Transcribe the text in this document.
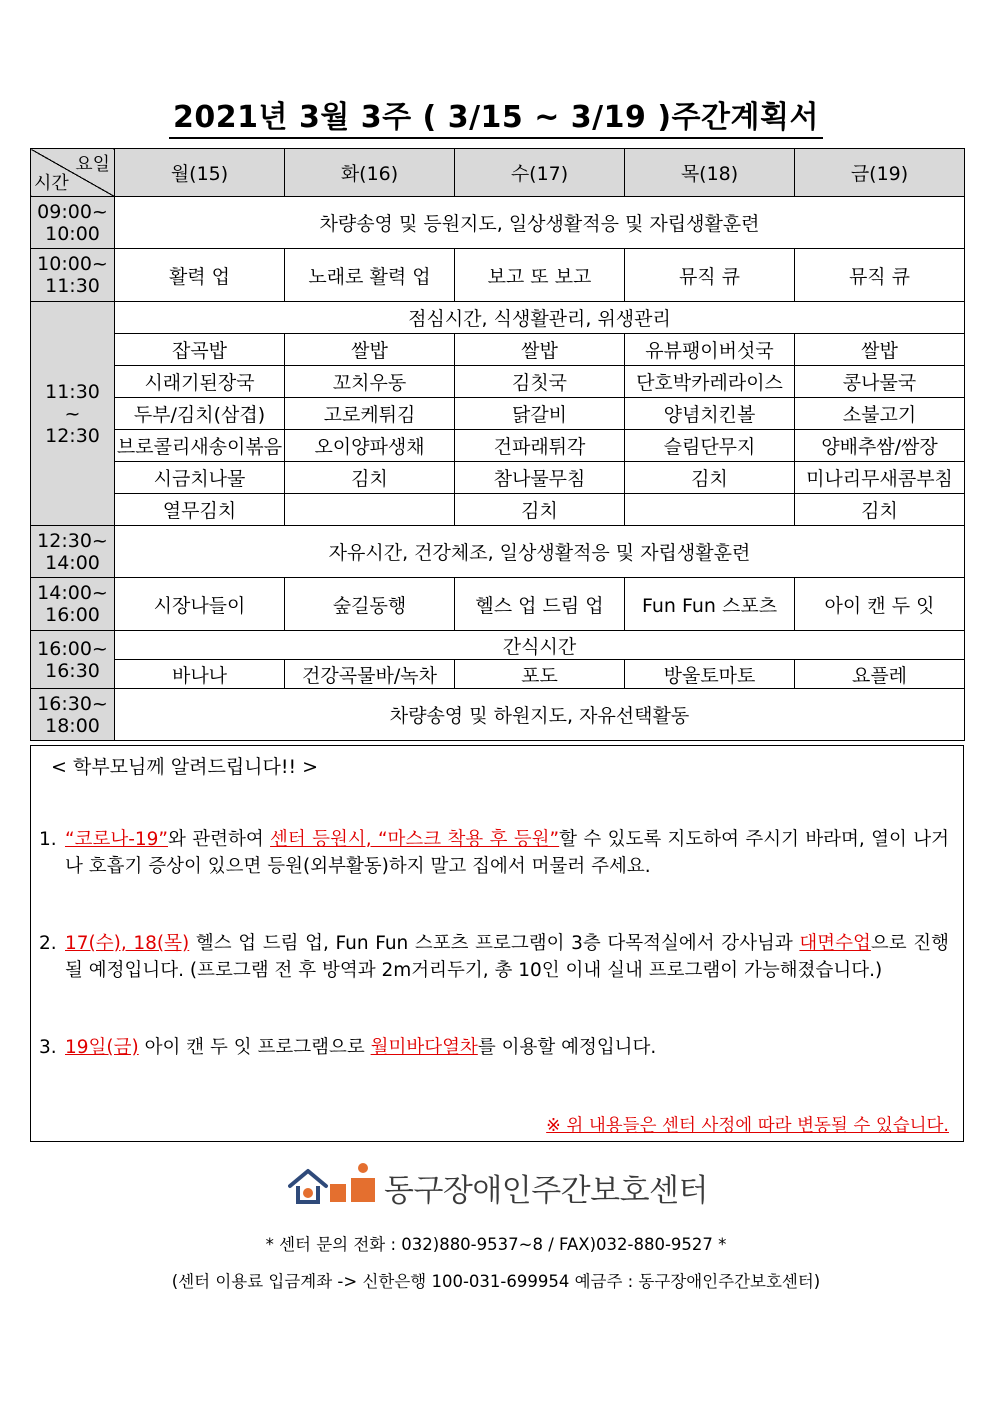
2021년 3월 3주 ( 3/15 ~ 3/19 )주간계획서
요일
시간	월(15)	화(16)	수(17)	목(18)	금(19)
09:00~
10:00	차량송영 및 등원지도, 일상생활적응 및 자립생활훈련				
10:00~
11:30	활력 업	노래로 활력 업	보고 또 보고	뮤직 큐	뮤직 큐
11:30
~
12:30	점심시간, 식생활관리, 위생관리				
	잡곡밥	쌀밥	쌀밥	유뷰팽이버섯국	쌀밥
	시래기된장국	꼬치우동	김칫국	단호박카레라이스	콩나물국
	두부/김치(삼겹)	고로케튀김	닭갈비	양념치킨볼	소불고기
	브로콜리새송이볶음	오이양파생채	건파래튀각	슬림단무지	양배추쌈/쌈장
	시금치나물	김치	참나물무침	김치	미나리무새콤부침
	열무김치		김치		김치
12:30~
14:00	자유시간, 건강체조, 일상생활적응 및 자립생활훈련				
14:00~
16:00	시장나들이	숲길동행	헬스 업 드림 업	Fun Fun 스포츠	아이 캔 두 잇
16:00~
16:30	간식시간				
	바나나	건강곡물바/녹차	포도	방울토마토	요플레
16:30~
18:00	차량송영 및 하원지도, 자유선택활동				
< 학부모님께 알려드립니다!! >
1. “코로나-19”와 관련하여 센터 등원시, “마스크 착용 후 등원”할 수 있도록 지도하여 주시기 바라며, 열이 나거나 호흡기 증상이 있으면 등원(외부활동)하지 말고 집에서 머물러 주세요.
2. 17(수), 18(목) 헬스 업 드림 업, Fun Fun 스포츠 프로그램이 3층 다목적실에서 강사님과 대면수업으로 진행될 예정입니다. (프로그램 전 후 방역과 2m거리두기, 총 10인 이내 실내 프로그램이 가능해졌습니다.)
3. 19일(금) 아이 캔 두 잇 프로그램으로 월미바다열차를 이용할 예정입니다.
※ 위 내용들은 센터 사정에 따라 변동될 수 있습니다.
동구장애인주간보호센터
* 센터 문의 전화 : 032)880-9537~8 / FAX)032-880-9527 *
(센터 이용료 입금계좌 -> 신한은행 100-031-699954 예금주 : 동구장애인주간보호센터)
